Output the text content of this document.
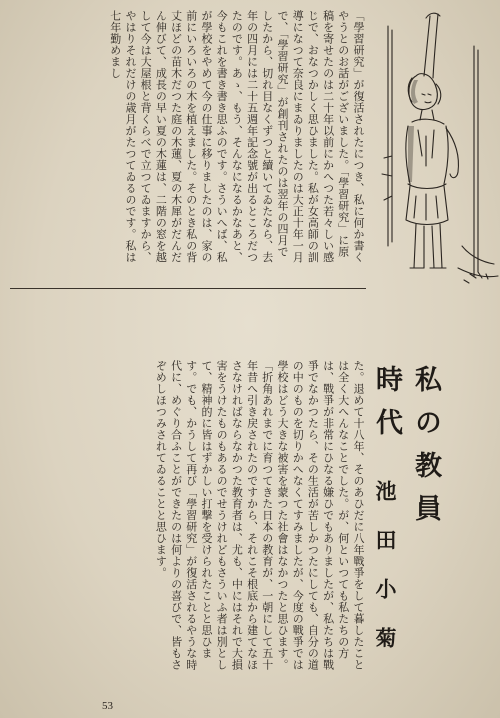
「學習研究」が復活されたにつき、私に何か書くやうとのお話がございました。「學習研究」に原稿を寄せたのは二十年以前にかへつた若々しい感じで、おなつかしく思ひました。私が女高師の訓導になつて奈良にまゐりましたのは大正十年一月で、「學習研究」が創刊されたのは翌年の四月でしたから、切れ目なくずつと續いてゐたなら、去年の四月には二十五週年記念號が出るところだつたのです。あゝ、もう、そんなになるかなあと、今もこれを書き書き思ふのです。さういへば、私が學校をやめて今の仕事に移りましたのは、家の前にいろいろの木を植えました。そのとき私の背丈ほどの苗木だつた庭の木蓮、夏の木犀がだんだん伸びて、成長の早い夏の木蓮は、二階の窓を越して今は大屋根と背くらべで立つてゐますから、やはりそれだけの歳月がたつてゐるのです。私は七年勤めまし
た。退めて十八年、そのあひだに八年戰爭をして暮したことは全く大へんなことでした。が、何といつても私たちの方は、戰爭が非常にひなる嫌ひでもありましたが、私たちは戰爭でなかつたら、その生活が苦しかつたにしても、自分の道の中のものを切りかへなくてすみましたが、今度の戰爭では學校はどう大きな被害を蒙つた社會はなかつたと思ひます。「折角あれまでに育つてきた日本の教育が、一朝にして五十年昔へ引き戻されたのですから、それこそ根底から建てなほさなければならなかつた教育者は、尤も、中にはそれで大損害をうけたものもあるのでせうけれどもさういふ者は別として、精神的に皆はずかしい打撃を受けられたことと思ひます。でも、かうして再び「學習研究」が復活されるやうな時代に、めぐり合ふことができたのは何よりの喜びで、皆もさぞめしほつみされてゐることと思ひます。	私の教員時代
池田小菊
53
